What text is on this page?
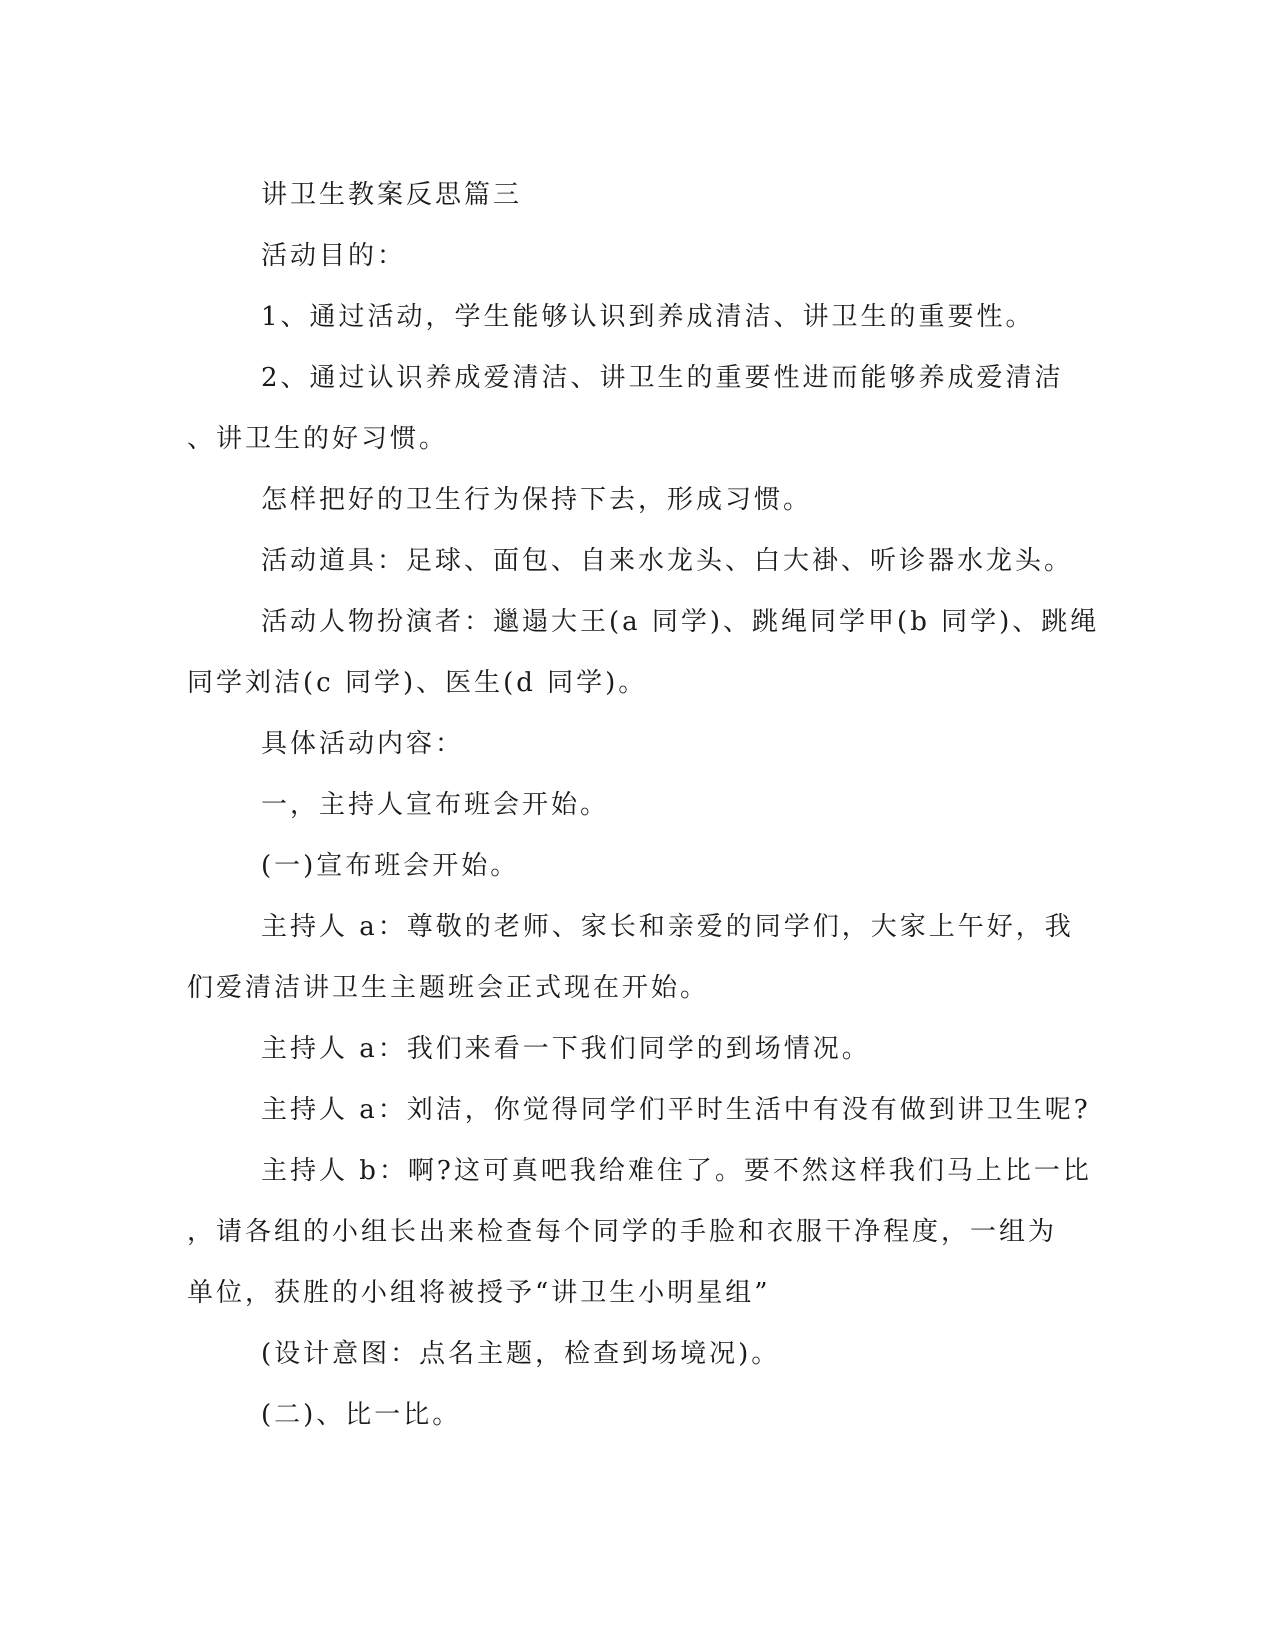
讲卫生教案反思篇三

活动目的：

1、通过活动，学生能够认识到养成清洁、讲卫生的重要性。

2、通过认识养成爱清洁、讲卫生的重要性进而能够养成爱清洁
、讲卫生的好习惯。

怎样把好的卫生行为保持下去，形成习惯。

活动道具：足球、面包、自来水龙头、白大褂、听诊器水龙头。

活动人物扮演者：邋遢大王(a 同学)、跳绳同学甲(b 同学)、跳绳
同学刘洁(c 同学)、医生(d 同学)。

具体活动内容：

一，主持人宣布班会开始。

(一)宣布班会开始。

主持人 a：尊敬的老师、家长和亲爱的同学们，大家上午好，我
们爱清洁讲卫生主题班会正式现在开始。

主持人 a：我们来看一下我们同学的到场情况。

主持人 a：刘洁，你觉得同学们平时生活中有没有做到讲卫生呢?

主持人 b：啊?这可真吧我给难住了。要不然这样我们马上比一比
，请各组的小组长出来检查每个同学的手脸和衣服干净程度，一组为
单位，获胜的小组将被授予“讲卫生小明星组”

(设计意图：点名主题，检查到场境况)。

(二)、比一比。
